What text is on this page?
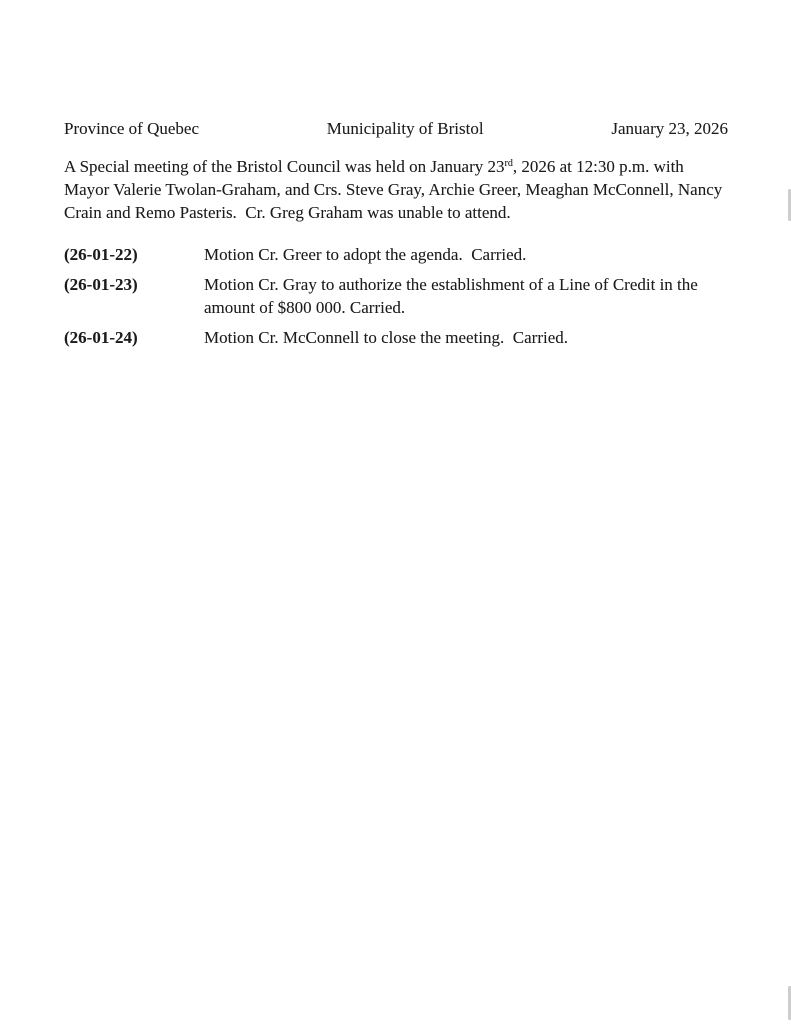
Province of Quebec	Municipality of Bristol	January 23, 2026

A Special meeting of the Bristol Council was held on January 23rd, 2026 at 12:30 p.m. with Mayor Valerie Twolan-Graham, and Crs. Steve Gray, Archie Greer, Meaghan McConnell, Nancy Crain and Remo Pasteris.  Cr. Greg Graham was unable to attend.

(26-01-22)	Motion Cr. Greer to adopt the agenda.  Carried.
(26-01-23)	Motion Cr. Gray to authorize the establishment of a Line of Credit in the amount of $800 000. Carried.
(26-01-24)	Motion Cr. McConnell to close the meeting.  Carried.
